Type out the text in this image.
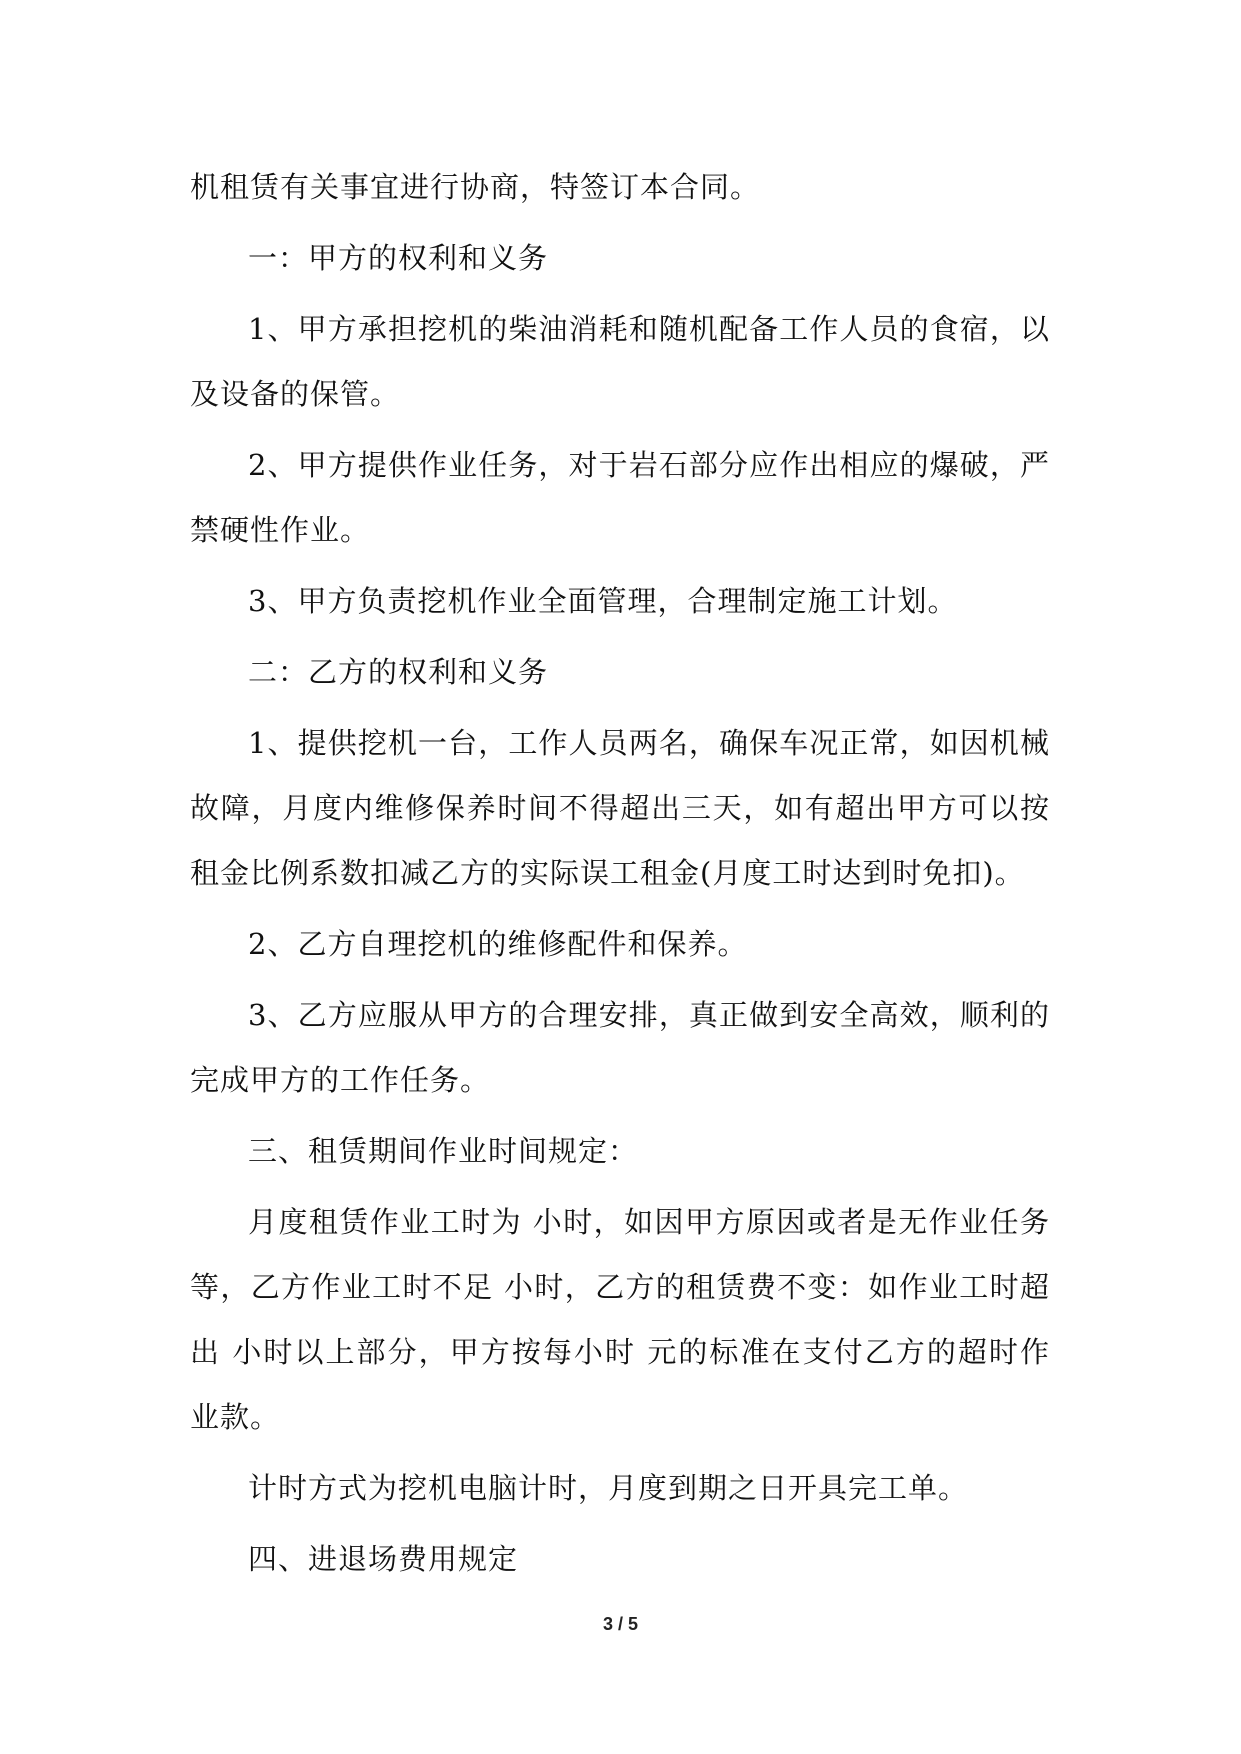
机租赁有关事宜进行协商，特签订本合同。

一：甲方的权利和义务

1、甲方承担挖机的柴油消耗和随机配备工作人员的食宿，以及设备的保管。

2、甲方提供作业任务，对于岩石部分应作出相应的爆破，严禁硬性作业。

3、甲方负责挖机作业全面管理，合理制定施工计划。

二：乙方的权利和义务

1、提供挖机一台，工作人员两名，确保车况正常，如因机械故障，月度内维修保养时间不得超出三天，如有超出甲方可以按租金比例系数扣减乙方的实际误工租金(月度工时达到时免扣)。

2、乙方自理挖机的维修配件和保养。

3、乙方应服从甲方的合理安排，真正做到安全高效，顺利的完成甲方的工作任务。

三、租赁期间作业时间规定：

月度租赁作业工时为 小时，如因甲方原因或者是无作业任务等，乙方作业工时不足 小时，乙方的租赁费不变：如作业工时超出 小时以上部分，甲方按每小时 元的标准在支付乙方的超时作业款。

计时方式为挖机电脑计时，月度到期之日开具完工单。

四、进退场费用规定

3 / 5
